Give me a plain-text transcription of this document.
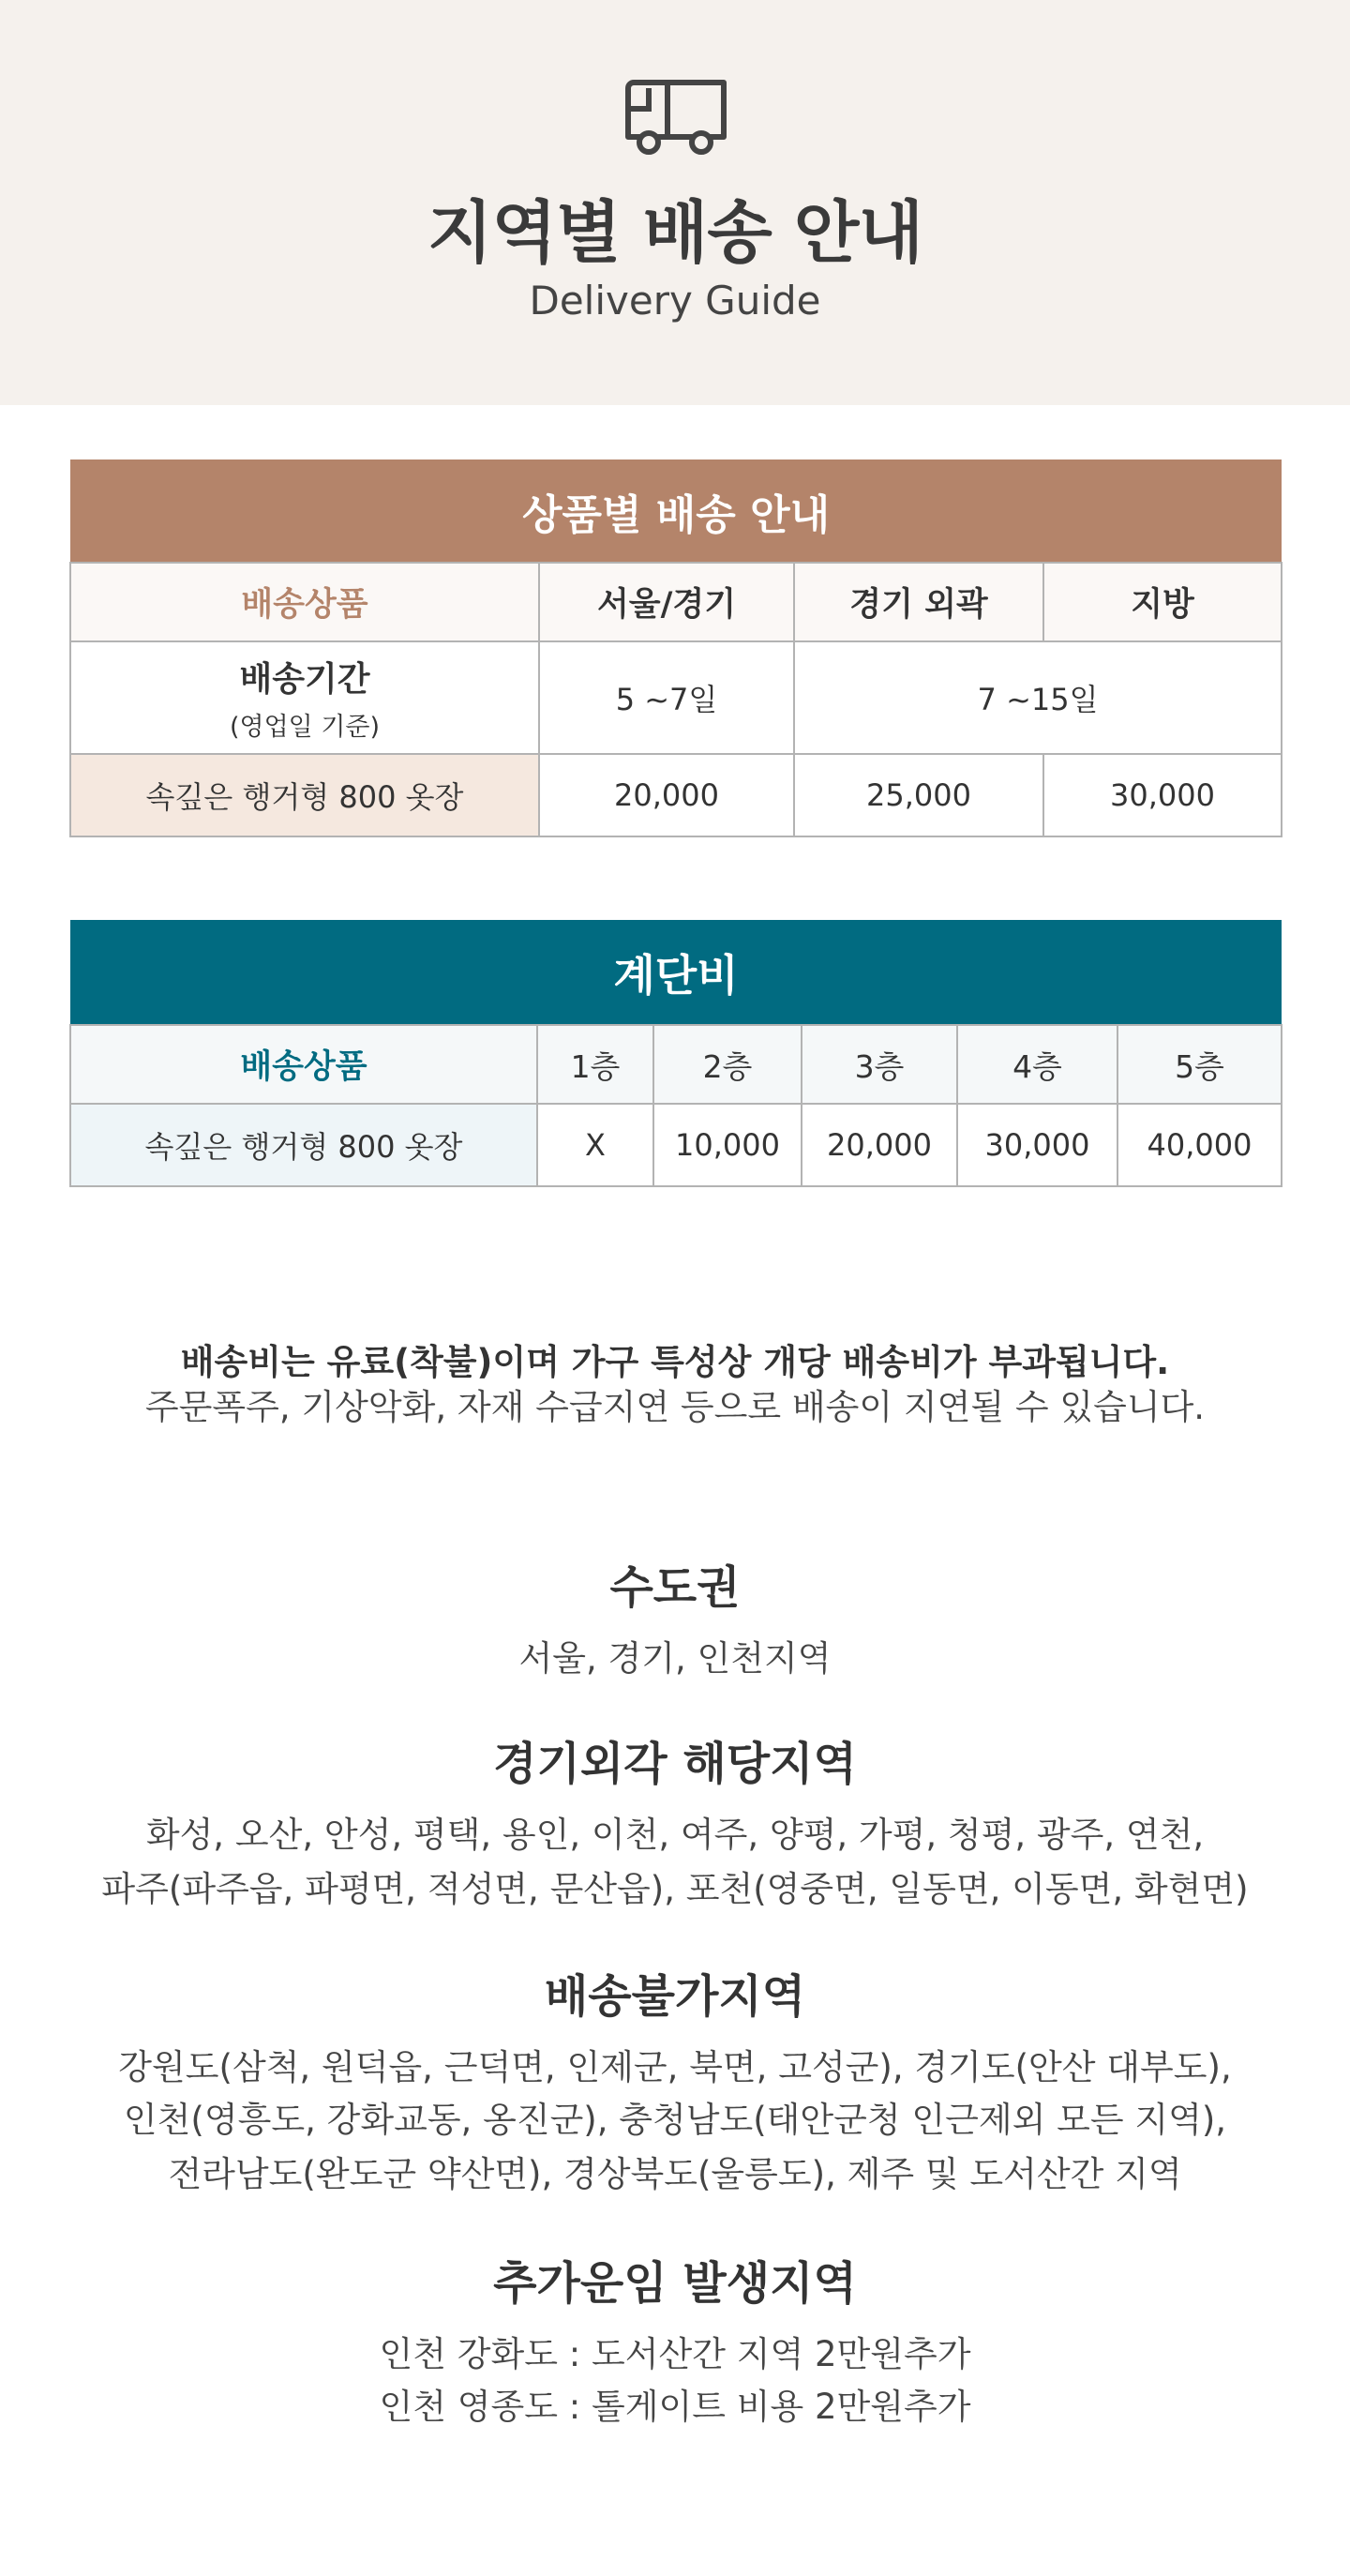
지역별 배송 안내
Delivery Guide
상품별 배송 안내			
배송상품	서울/경기	경기 외곽	지방

배송기간
(영업일 기준)	5 ~7일	7 ~15일	
속깊은 행거형 800 옷장	20,000	25,000	30,000
계단비					
배송상품	1층	2층	3층	4층	5층
속깊은 행거형 800 옷장	X	10,000	20,000	30,000	40,000
배송비는 유료(착불)이며 가구 특성상 개당 배송비가 부과됩니다.
주문폭주, 기상악화, 자재 수급지연 등으로 배송이 지연될 수 있습니다.
수도권
서울, 경기, 인천지역
경기외각 해당지역
화성, 오산, 안성, 평택, 용인, 이천, 여주, 양평, 가평, 청평, 광주, 연천,
파주(파주읍, 파평면, 적성면, 문산읍), 포천(영중면, 일동면, 이동면, 화현면)
배송불가지역
강원도(삼척, 원덕읍, 근덕면, 인제군, 북면, 고성군), 경기도(안산 대부도),
인천(영흥도, 강화교동, 옹진군), 충청남도(태안군청 인근제외 모든 지역),
전라남도(완도군 약산면), 경상북도(울릉도), 제주 및 도서산간 지역
추가운임 발생지역
인천 강화도 : 도서산간 지역 2만원추가
인천 영종도 : 톨게이트 비용 2만원추가
